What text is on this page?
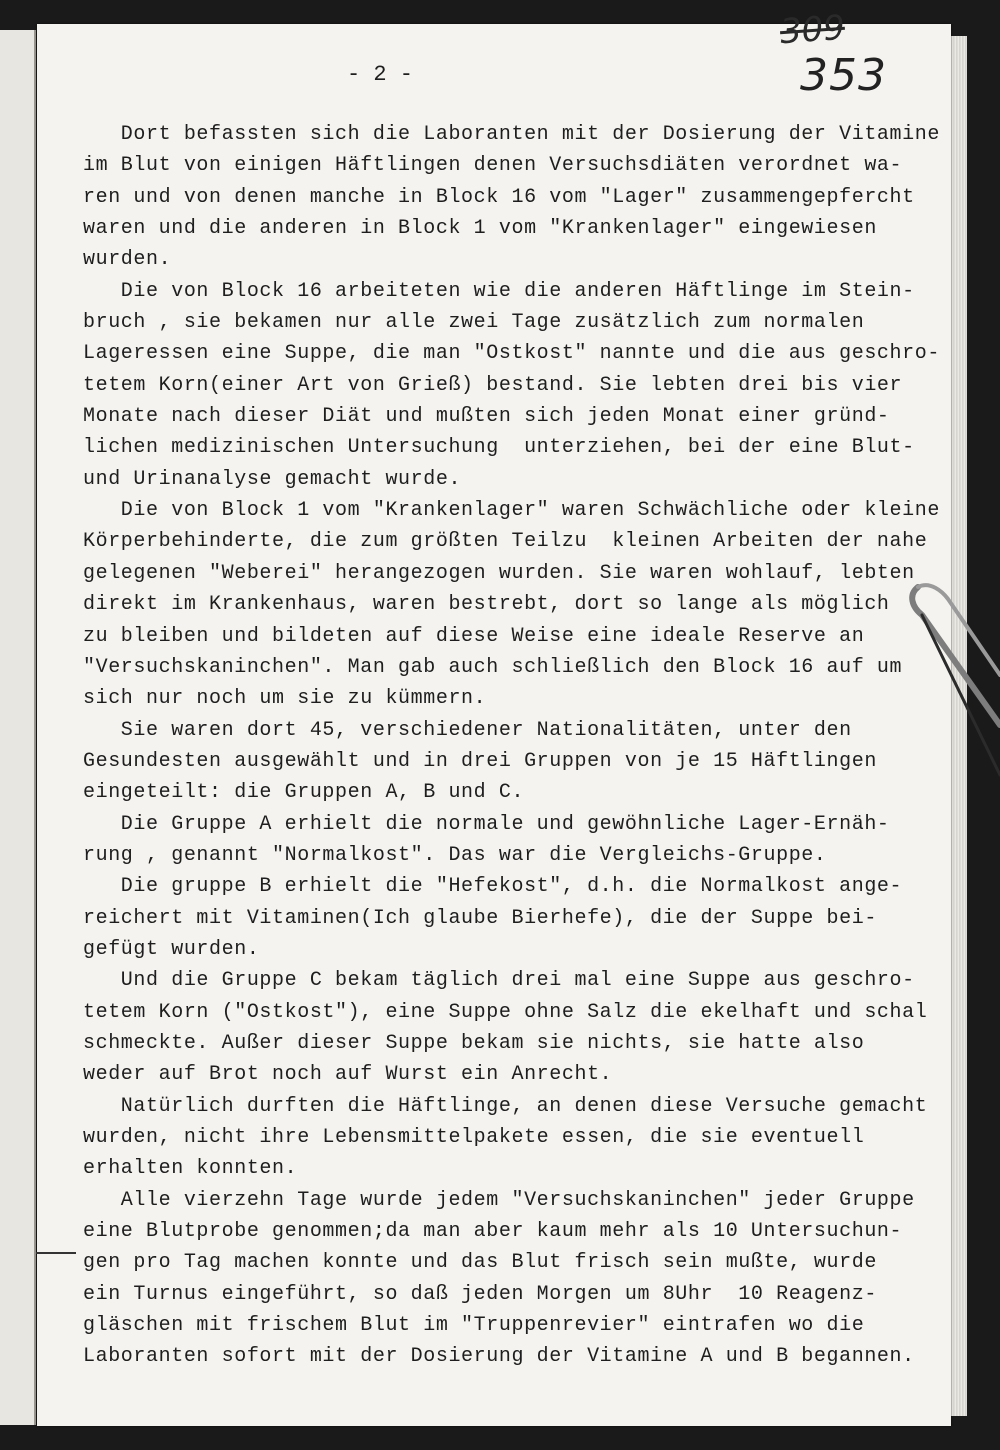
- 2 -
Dort befassten sich die Laboranten mit der Dosierung der Vitamine
im Blut von einigen Häftlingen denen Versuchsdiäten verordnet wa-
ren und von denen manche in Block 16 vom "Lager" zusammengepfercht
waren und die anderen in Block 1 vom "Krankenlager" eingewiesen
wurden.
Die von Block 16 arbeiteten wie die anderen Häftlinge im Stein-
bruch , sie bekamen nur alle zwei Tage zusätzlich zum normalen
Lageressen eine Suppe, die man "Ostkost" nannte und die aus geschro-
tetem Korn(einer Art von Grieß) bestand. Sie lebten drei bis vier
Monate nach dieser Diät und mußten sich jeden Monat einer gründ-
lichen medizinischen Untersuchung  unterziehen, bei der eine Blut-
und Urinanalyse gemacht wurde.
Die von Block 1 vom "Krankenlager" waren Schwächliche oder kleine
Körperbehinderte, die zum größten Teilzu  kleinen Arbeiten der nahe
gelegenen "Weberei" herangezogen wurden. Sie waren wohlauf, lebten
direkt im Krankenhaus, waren bestrebt, dort so lange als möglich
zu bleiben und bildeten auf diese Weise eine ideale Reserve an
"Versuchskaninchen". Man gab auch schließlich den Block 16 auf um
sich nur noch um sie zu kümmern.
Sie waren dort 45, verschiedener Nationalitäten, unter den
Gesundesten ausgewählt und in drei Gruppen von je 15 Häftlingen
eingeteilt: die Gruppen A, B und C.
Die Gruppe A erhielt die normale und gewöhnliche Lager-Ernäh-
rung , genannt "Normalkost". Das war die Vergleichs-Gruppe.
Die gruppe B erhielt die "Hefekost", d.h. die Normalkost ange-
reichert mit Vitaminen(Ich glaube Bierhefe), die der Suppe bei-
gefügt wurden.
Und die Gruppe C bekam täglich drei mal eine Suppe aus geschro-
tetem Korn ("Ostkost"), eine Suppe ohne Salz die ekelhaft und schal
schmeckte. Außer dieser Suppe bekam sie nichts, sie hatte also
weder auf Brot noch auf Wurst ein Anrecht.
Natürlich durften die Häftlinge, an denen diese Versuche gemacht
wurden, nicht ihre Lebensmittelpakete essen, die sie eventuell
erhalten konnten.
Alle vierzehn Tage wurde jedem "Versuchskaninchen" jeder Gruppe
eine Blutprobe genommen;da man aber kaum mehr als 10 Untersuchun-
gen pro Tag machen konnte und das Blut frisch sein mußte, wurde
ein Turnus eingeführt, so daß jeden Morgen um 8Uhr  10 Reagenz-
gläschen mit frischem Blut im "Truppenrevier" eintrafen wo die
Laboranten sofort mit der Dosierung der Vitamine A und B begannen.
309
353
